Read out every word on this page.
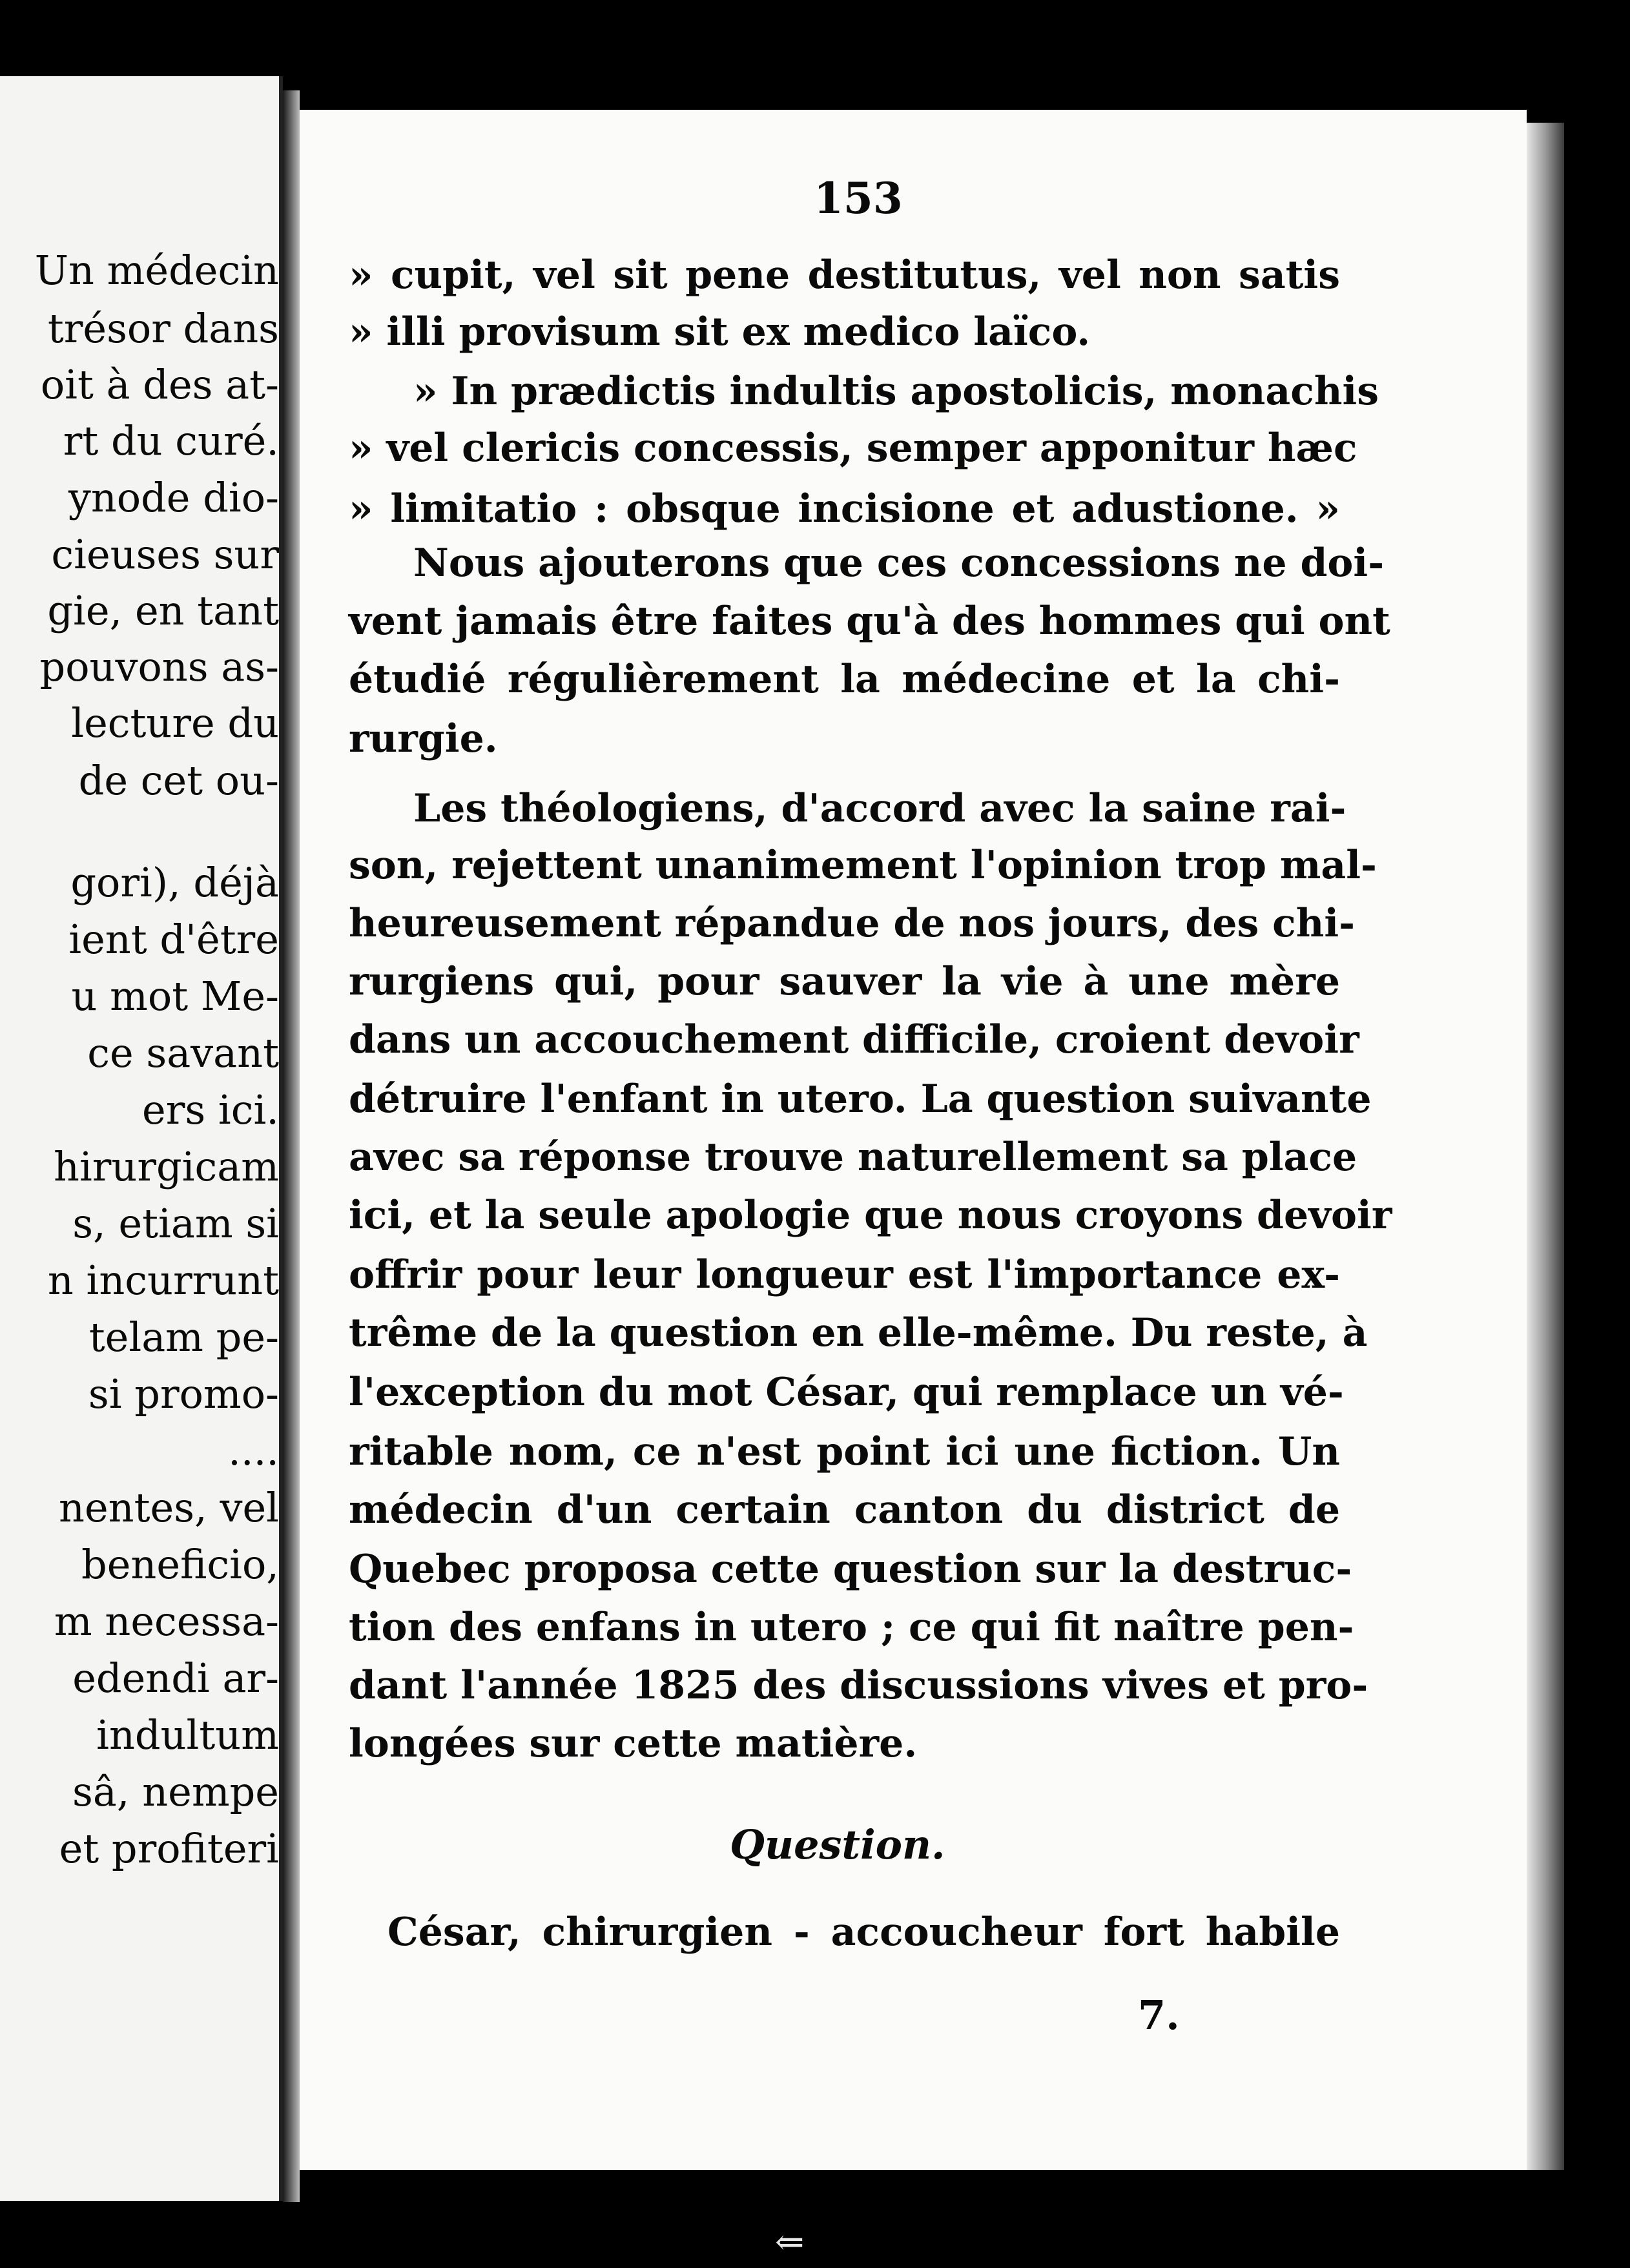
Un médecin
trésor dans
oit à des at-
rt du curé.
ynode dio-
cieuses sur
gie, en tant
pouvons as-
lecture du
de cet ou-
gori), déjà
ient d'être
u mot Me-
ce savant
ers ici.
hirurgicam
s, etiam si
n incurrunt
telam pe-
si promo-
....
nentes, vel
beneficio,
m necessa-
edendi ar-
indultum
sâ, nempe
et profiteri
153
» cupit, vel sit pene destitutus, vel non satis
» illi provisum sit ex medico laïco.
» In prædictis indultis apostolicis, monachis
» vel clericis concessis, semper apponitur hæc
» limitatio : obsque incisione et adustione. »
Nous ajouterons que ces concessions ne doi-
vent jamais être faites qu'à des hommes qui ont
étudié régulièrement la médecine et la chi-
rurgie.
Les théologiens, d'accord avec la saine rai-
son, rejettent unanimement l'opinion trop mal-
heureusement répandue de nos jours, des chi-
rurgiens qui, pour sauver la vie à une mère
dans un accouchement difficile, croient devoir
détruire l'enfant in utero. La question suivante
avec sa réponse trouve naturellement sa place
ici, et la seule apologie que nous croyons devoir
offrir pour leur longueur est l'importance ex-
trême de la question en elle-même. Du reste, à
l'exception du mot César, qui remplace un vé-
ritable nom, ce n'est point ici une fiction. Un
médecin d'un certain canton du district de
Quebec proposa cette question sur la destruc-
tion des enfans in utero ; ce qui fit naître pen-
dant l'année 1825 des discussions vives et pro-
longées sur cette matière.
Question.
César, chirurgien - accoucheur fort habile
7.
⇐
